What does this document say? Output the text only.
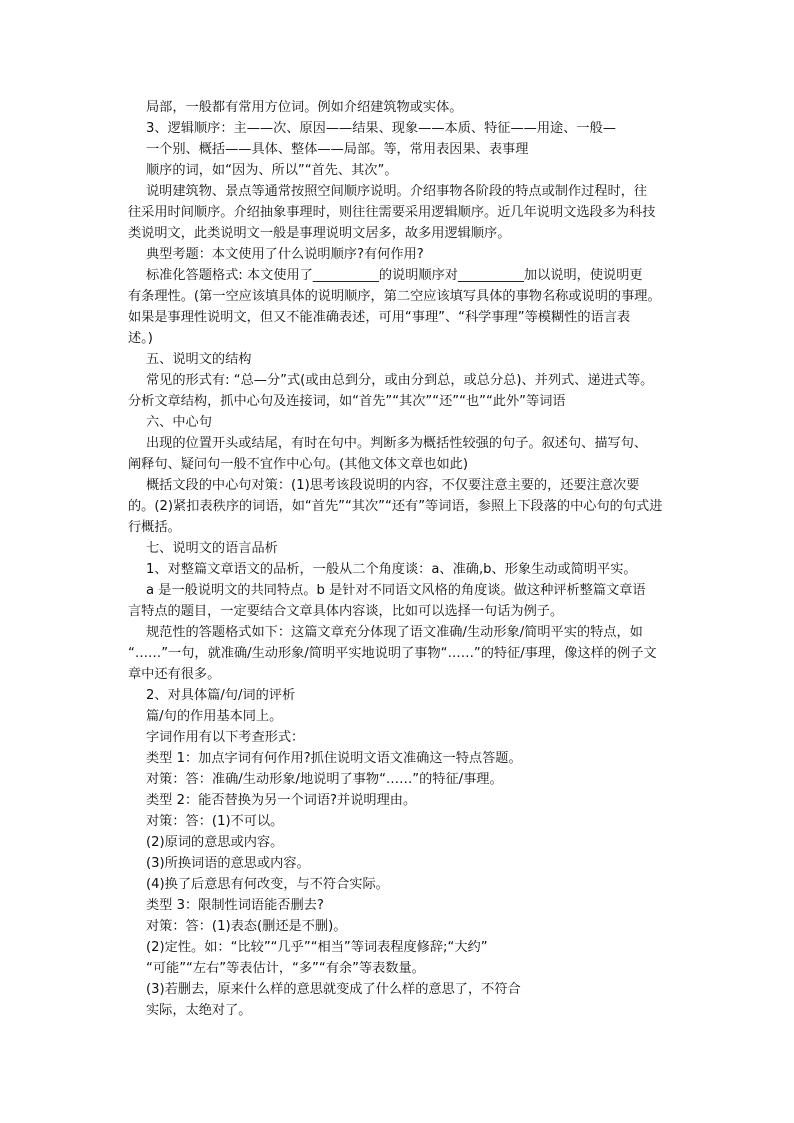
局部，一般都有常用方位词。例如介绍建筑物或实体。
3、逻辑顺序：主——次、原因——结果、现象——本质、特征——用途、一般—
一个别、概括——具体、整体——局部。等，常用表因果、表事理
顺序的词，如“因为、所以”“首先、其次”。
说明建筑物、景点等通常按照空间顺序说明。介绍事物各阶段的特点或制作过程时，往
往采用时间顺序。介绍抽象事理时，则往往需要采用逻辑顺序。近几年说明文选段多为科技
类说明文，此类说明文一般是事理说明文居多，故多用逻辑顺序。
典型考题：本文使用了什么说明顺序?有何作用?
标准化答题格式: 本文使用了__________的说明顺序对__________加以说明，使说明更
有条理性。(第一空应该填具体的说明顺序，第二空应该填写具体的事物名称或说明的事理。
如果是事理性说明文，但又不能准确表述，可用“事理”、“科学事理”等模糊性的语言表
述。)
五、说明文的结构
常见的形式有: “总—分”式(或由总到分，或由分到总，或总分总)、并列式、递进式等。
分析文章结构，抓中心句及连接词，如“首先”“其次”“还”“也”“此外”等词语
六、中心句
出现的位置开头或结尾，有时在句中。判断多为概括性较强的句子。叙述句、描写句、
阐释句、疑问句一般不宜作中心句。(其他文体文章也如此)
概括文段的中心句对策：(1)思考该段说明的内容，不仅要注意主要的，还要注意次要
的。(2)紧扣表秩序的词语，如“首先”“其次”“还有”等词语，参照上下段落的中心句的句式进
行概括。
七、说明文的语言品析
1、对整篇文章语文的品析，一般从二个角度谈：a、准确,b、形象生动或简明平实。
a 是一般说明文的共同特点。b 是针对不同语文风格的角度谈。做这种评析整篇文章语
言特点的题目，一定要结合文章具体内容谈，比如可以选择一句话为例子。
规范性的答题格式如下：这篇文章充分体现了语文准确/生动形象/简明平实的特点，如
“……”一句，就准确/生动形象/简明平实地说明了事物“……”的特征/事理，像这样的例子文
章中还有很多。
2、对具体篇/句/词的评析
篇/句的作用基本同上。
字词作用有以下考查形式：
类型 1：加点字词有何作用?抓住说明文语文准确这一特点答题。
对策：答：准确/生动形象/地说明了事物“……”的特征/事理。
类型 2：能否替换为另一个词语?并说明理由。
对策：答：(1)不可以。
(2)原词的意思或内容。
(3)所换词语的意思或内容。
(4)换了后意思有何改变，与不符合实际。
类型 3：限制性词语能否删去?
对策：答：(1)表态(删还是不删)。
(2)定性。如：“比较”“几乎”“相当”等词表程度修辞;“大约”
“可能”“左右”等表估计，“多”“有余”等表数量。
(3)若删去，原来什么样的意思就变成了什么样的意思了，不符合
实际，太绝对了。
